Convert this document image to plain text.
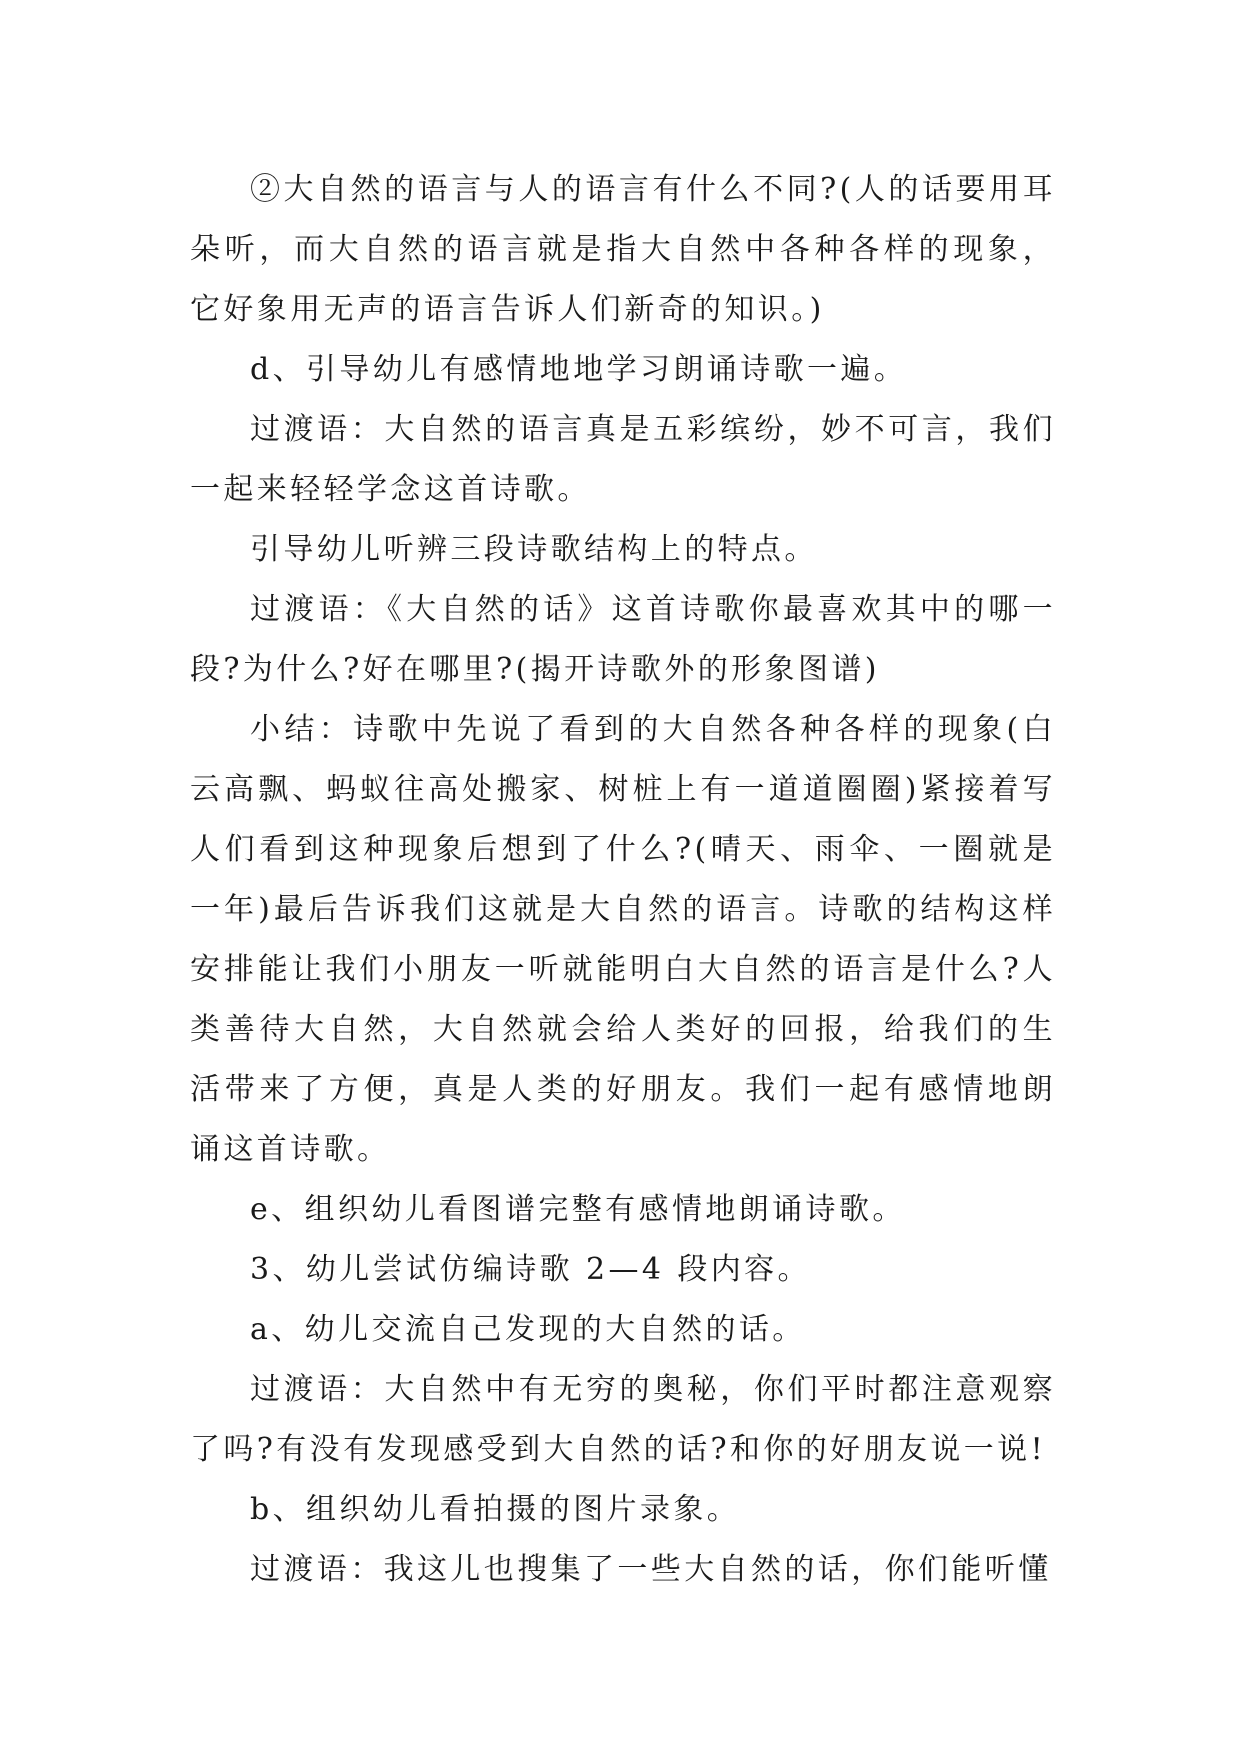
②大自然的语言与人的语言有什么不同?(人的话要用耳朵听，而大自然的语言就是指大自然中各种各样的现象，它好象用无声的语言告诉人们新奇的知识。)

d、引导幼儿有感情地地学习朗诵诗歌一遍。

过渡语：大自然的语言真是五彩缤纷，妙不可言，我们一起来轻轻学念这首诗歌。

引导幼儿听辨三段诗歌结构上的特点。

过渡语：《大自然的话》这首诗歌你最喜欢其中的哪一段?为什么?好在哪里?(揭开诗歌外的形象图谱)

小结：诗歌中先说了看到的大自然各种各样的现象(白云高飘、蚂蚁往高处搬家、树桩上有一道道圈圈)紧接着写人们看到这种现象后想到了什么?(晴天、雨伞、一圈就是一年)最后告诉我们这就是大自然的语言。诗歌的结构这样安排能让我们小朋友一听就能明白大自然的语言是什么?人类善待大自然，大自然就会给人类好的回报，给我们的生活带来了方便，真是人类的好朋友。我们一起有感情地朗诵这首诗歌。

e、组织幼儿看图谱完整有感情地朗诵诗歌。

3、幼儿尝试仿编诗歌 2—4 段内容。

a、幼儿交流自己发现的大自然的话。

过渡语：大自然中有无穷的奥秘，你们平时都注意观察了吗?有没有发现感受到大自然的话?和你的好朋友说一说!

b、组织幼儿看拍摄的图片录象。

过渡语：我这儿也搜集了一些大自然的话，你们能听懂
